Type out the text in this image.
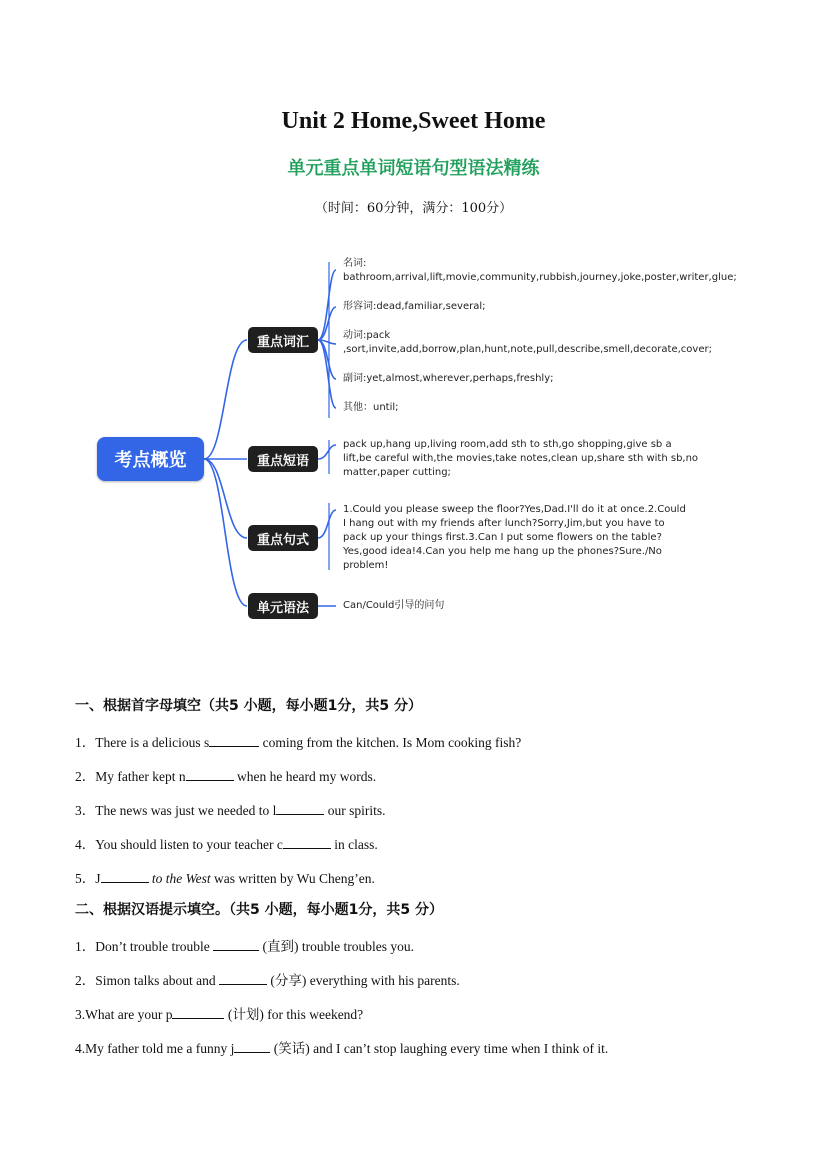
Unit 2 Home,Sweet Home
单元重点单词短语句型语法精练
（时间：60分钟，满分：100分）
考点概览
重点词汇
重点短语
重点句式
单元语法
名词:
bathroom,arrival,lift,movie,community,rubbish,journey,joke,poster,writer,glue;
形容词:dead,familiar,several;
动词:pack
,sort,invite,add,borrow,plan,hunt,note,pull,describe,smell,decorate,cover;
副词:yet,almost,wherever,perhaps,freshly;
其他：until;
pack up,hang up,living room,add sth to sth,go shopping,give sb a
lift,be careful with,the movies,take notes,clean up,share sth with sb,no
matter,paper cutting;
1.Could you please sweep the floor?Yes,Dad.I'll do it at once.2.Could
I hang out with my friends after lunch?Sorry,Jim,but you have to
pack up your things first.3.Can I put some flowers on the table?
Yes,good idea!4.Can you help me hang up the phones?Sure./No
problem!
Can/Could引导的问句
一、根据首字母填空（共5 小题，每小题1分，共5 分）
1．There is a delicious s	coming from the kitchen. Is Mom cooking fish?
2．My father kept n	when he heard my words.
3．The news was just we needed to l	our spirits.
4．You should listen to your teacher c	in class.
5．J	to the West was written by Wu Cheng’en.
二、根据汉语提示填空。（共5 小题，每小题1分，共5 分）
1．Don’t trouble trouble	(直到) trouble troubles you.
2．Simon talks about and	(分享) everything with his parents.
3.What are your p	(计划) for this weekend?
4.My father told me a funny j	(笑话) and I can’t stop laughing every time when I think of it.
